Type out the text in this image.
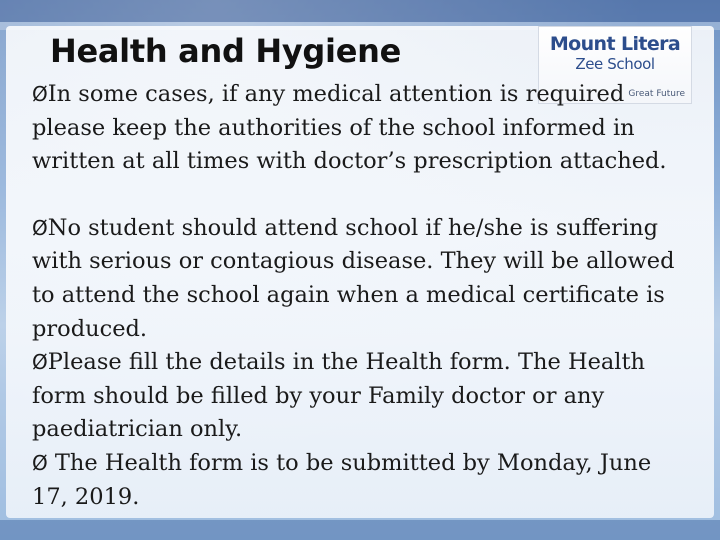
Mount Litera
Zee School
Great Future
Health and Hygiene

ØIn some cases, if any medical attention is required please keep the authorities of the school informed in written at all times with doctor’s prescription attached.

ØNo student should attend school if he/she is suffering with serious or contagious disease. They will be allowed to attend the school again when a medical certificate is produced.

ØPlease fill the details in the Health form. The Health form should be filled by your Family doctor or any paediatrician only.

Ø The Health form is to be submitted by Monday, June 17, 2019.
